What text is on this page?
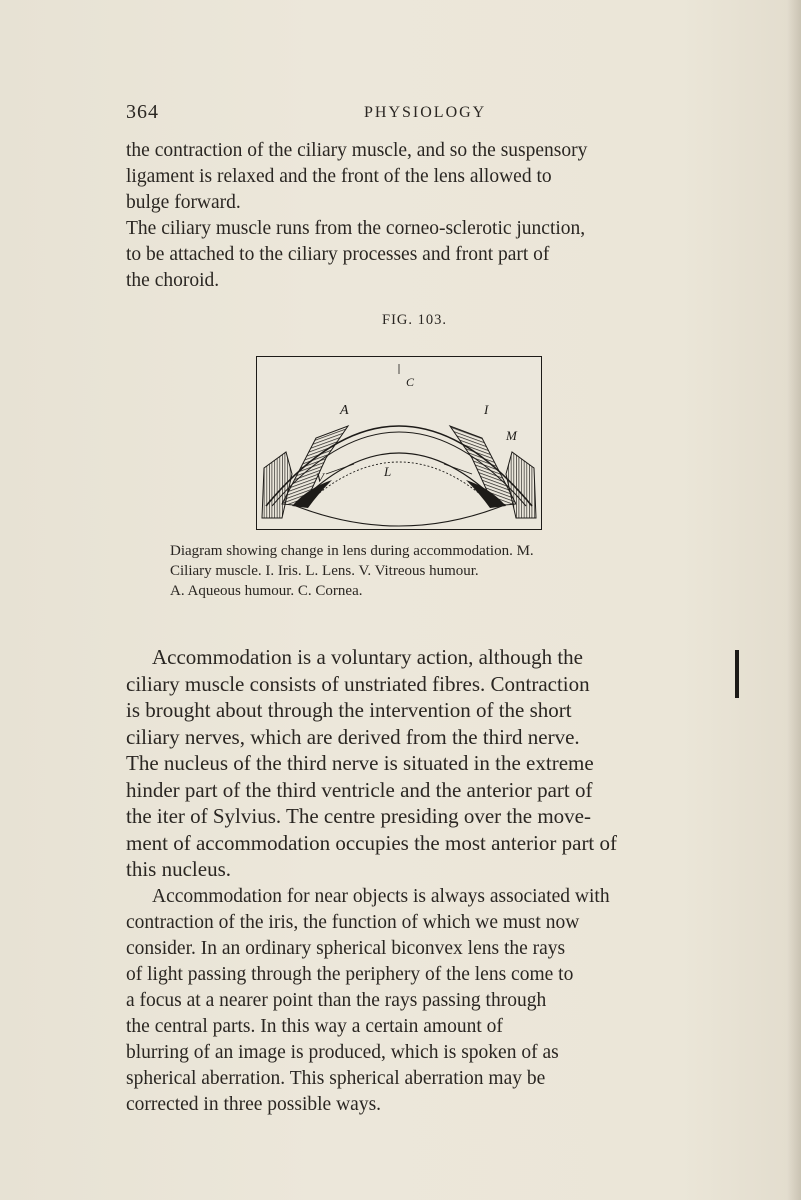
364	PHYSIOLOGY

the contraction of the ciliary muscle, and so the suspensory
ligament is relaxed and the front of the lens allowed to
bulge forward.

The ciliary muscle runs from the corneo-sclerotic junction,
to be attached to the ciliary processes and front part of
the choroid.

FIG. 103.
C
A	I
M
L
V
Diagram showing change in lens during accommodation. M.
Ciliary muscle. I. Iris. L. Lens. V. Vitreous humour.
A. Aqueous humour. C. Cornea.
Accommodation is a voluntary action, although the
ciliary muscle consists of unstriated fibres. Contraction
is brought about through the intervention of the short
ciliary nerves, which are derived from the third nerve.
The nucleus of the third nerve is situated in the extreme
hinder part of the third ventricle and the anterior part of
the iter of Sylvius. The centre presiding over the move-
ment of accommodation occupies the most anterior part of
this nucleus.
Accommodation for near objects is always associated with
contraction of the iris, the function of which we must now
consider. In an ordinary spherical biconvex lens the rays
of light passing through the periphery of the lens come to
a focus at a nearer point than the rays passing through
the central parts. In this way a certain amount of
blurring of an image is produced, which is spoken of as
spherical aberration. This spherical aberration may be
corrected in three possible ways.
